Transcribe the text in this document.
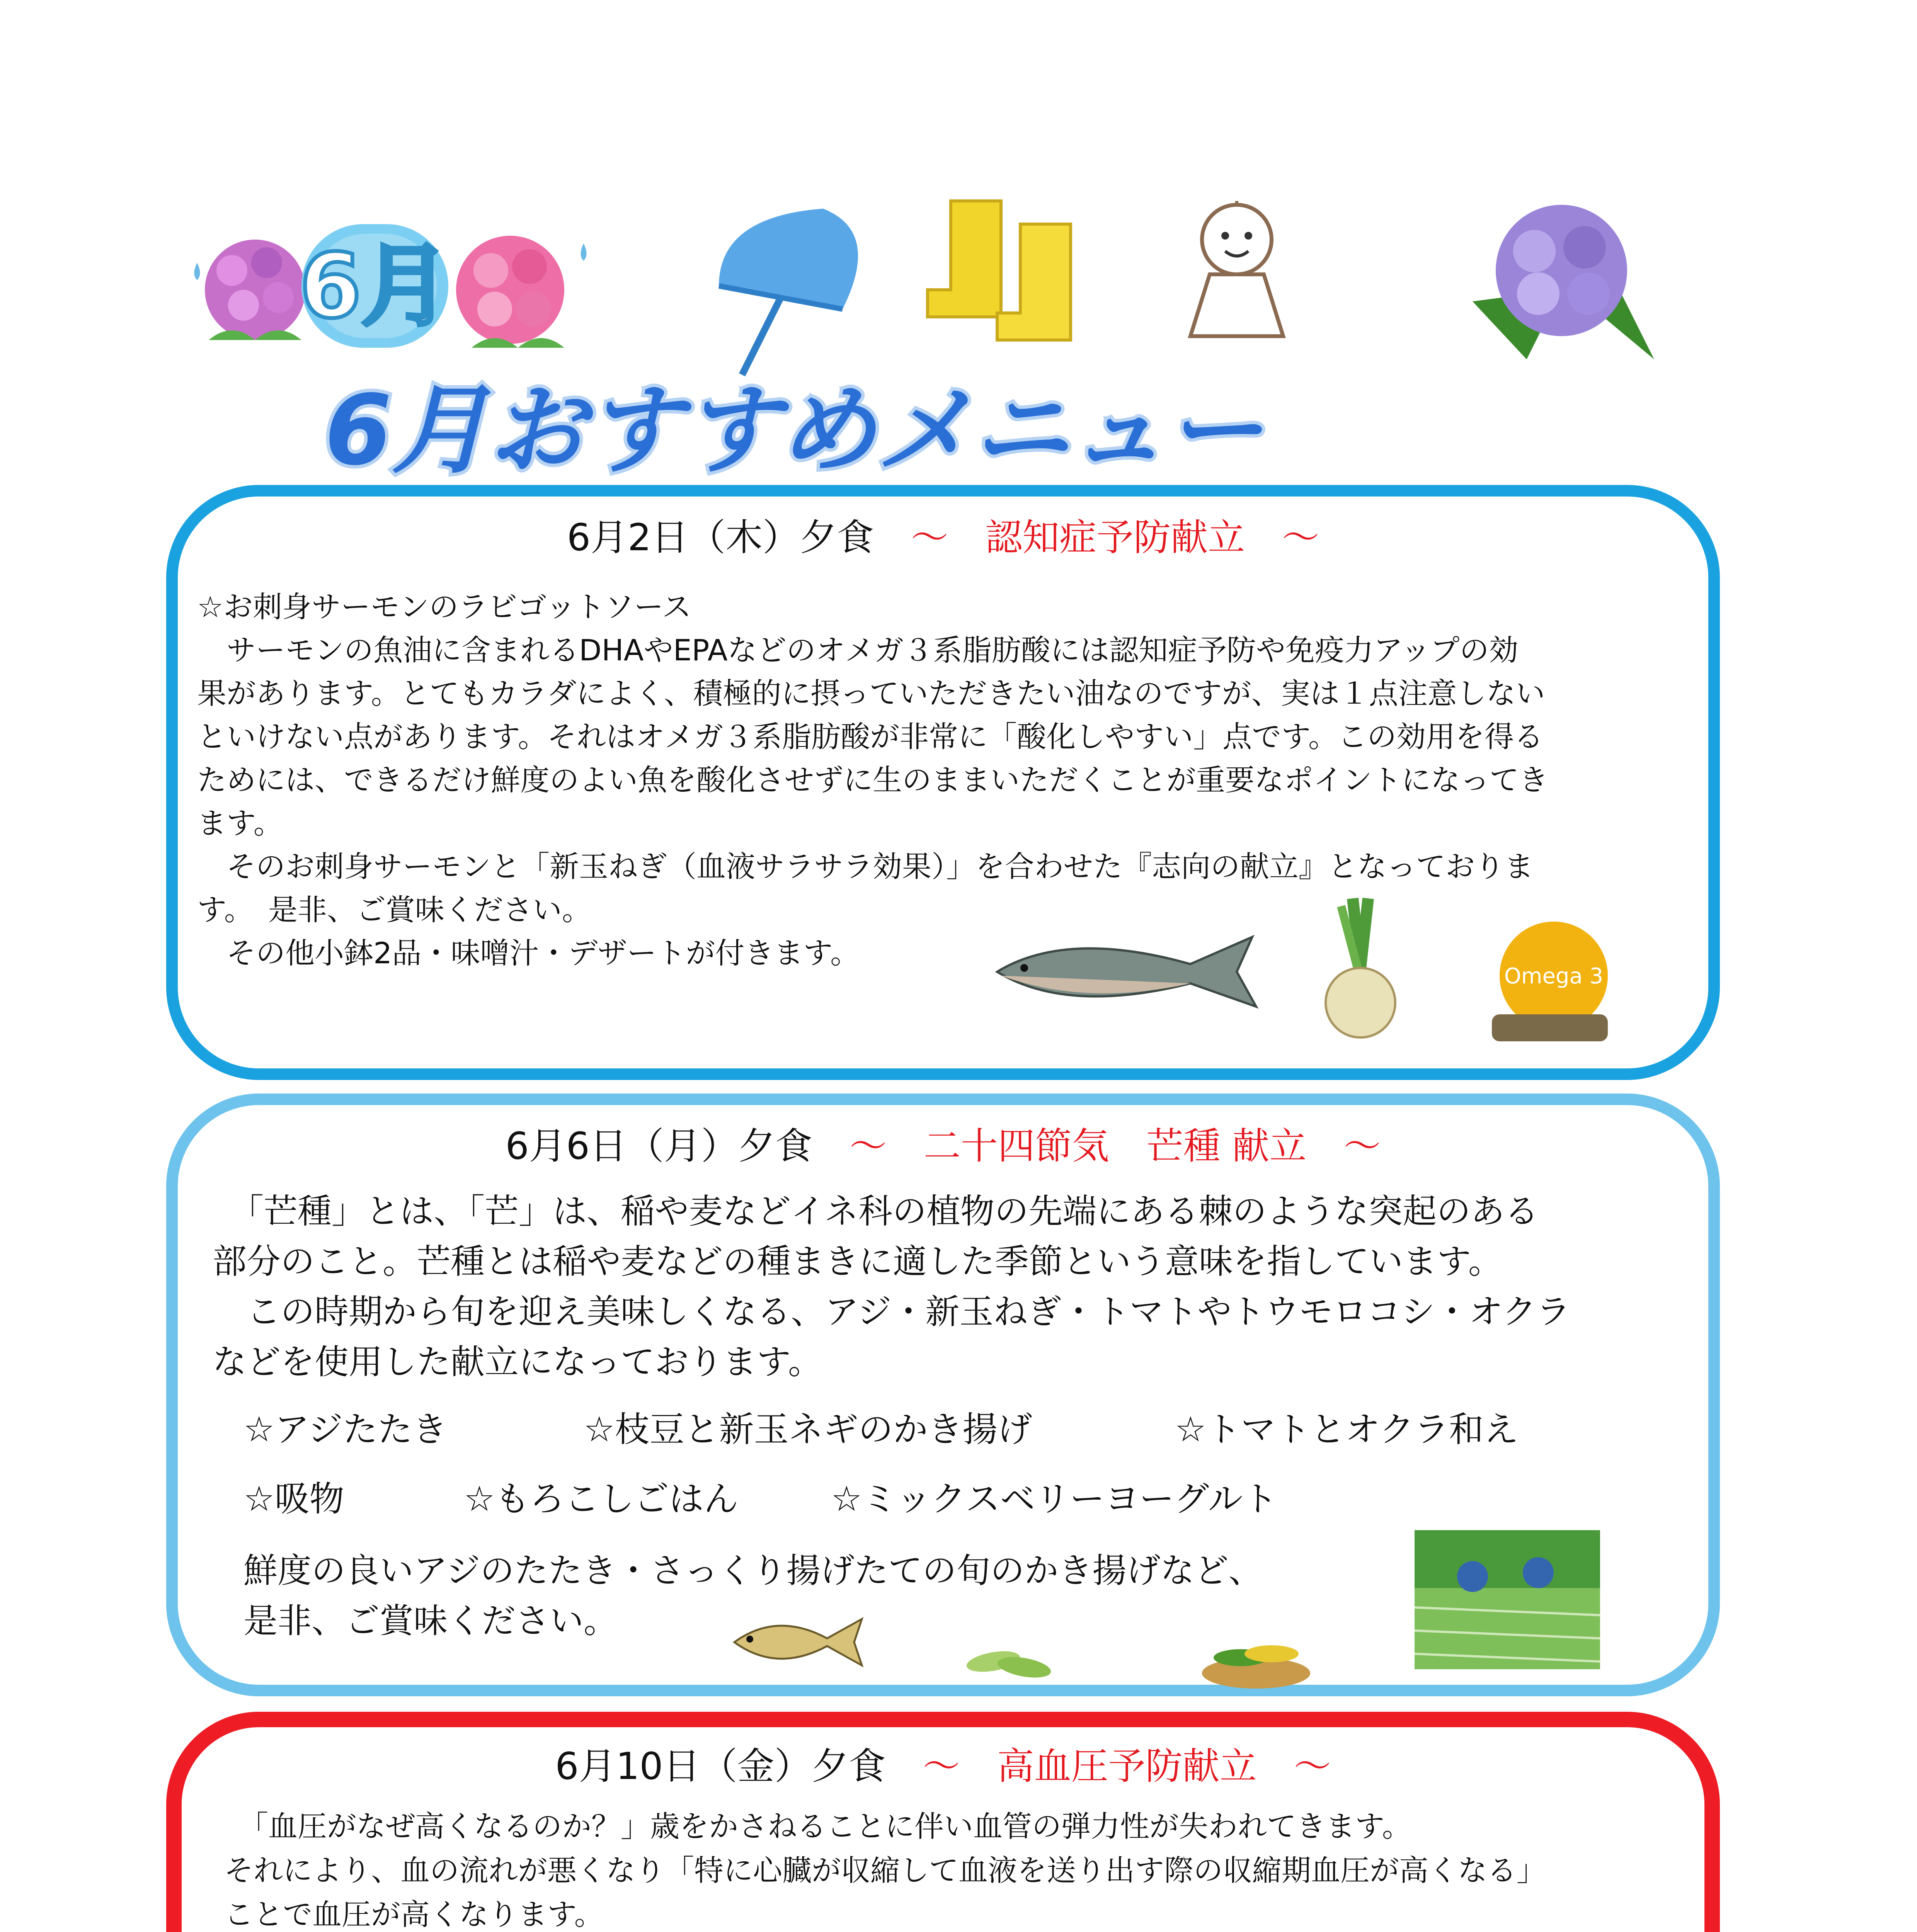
6月
6月おすすめメニュー
6月2日（木）夕食　 ～　認知症予防献立　～

☆お刺身サーモンのラビゴットソース

　サーモンの魚油に含まれるDHAやEPAなどのオメガ３系脂肪酸には認知症予防や免疫力アップの効

果があります。とてもカラダによく、積極的に摂っていただきたい油なのですが、実は１点注意しない

といけない点があります。それはオメガ３系脂肪酸が非常に「酸化しやすい」点です。この効用を得る

ためには、できるだけ鮮度のよい魚を酸化させずに生のままいただくことが重要なポイントになってき

ます。

　そのお刺身サーモンと「新玉ねぎ（血液サラサラ効果）」を合わせた『志向の献立』となっておりま

す。　是非、ご賞味ください。

　その他小鉢2品・味噌汁・デザートが付きます。

Omega 3
6月6日（月）夕食　 ～　二十四節気　芒種 献立　～

　「芒種」とは、「芒」は、稲や麦などイネ科の植物の先端にある棘のような突起のある

部分のこと。芒種とは稲や麦などの種まきに適した季節という意味を指しています。

　この時期から旬を迎え美味しくなる、アジ・新玉ねぎ・トマトやトウモロコシ・オクラ

などを使用した献立になっております。

☆アジたたき	☆枝豆と新玉ネギのかき揚げ	☆トマトとオクラ和え
☆吸物	☆もろこしごはん	☆ミックスベリーヨーグルト

鮮度の良いアジのたたき・さっくり揚げたての旬のかき揚げなど、

是非、ご賞味ください。

6月10日（金）夕食　 ～　高血圧予防献立　～

　「血圧がなぜ高くなるのか？」歳をかさねることに伴い血管の弾力性が失われてきます。

それにより、血の流れが悪くなり「特に心臓が収縮して血液を送り出す際の収縮期血圧が高くなる」

ことで血圧が高くなります。
